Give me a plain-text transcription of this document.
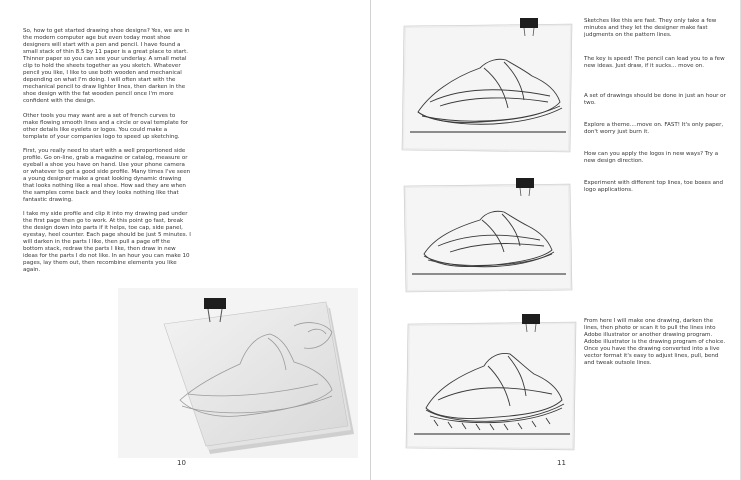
So, how to get started drawing shoe designs? Yes, we are in the modern computer age but even today most shoe designers will start with a pen and pencil. I have found a small stack of thin 8.5 by 11 paper is a great place to start. Thinner paper so you can see your underlay. A small metal clip to hold the sheets together as you sketch. Whatever pencil you like, I like to use both wooden and mechanical depending on what I'm doing. I will often start with the mechanical pencil to draw lighter lines, then darken in the shoe design with the fat wooden pencil once I'm more confident with the design.

Other tools you may want are a set of french curves to make flowing smooth lines and a circle or oval template for other details like eyelets or logos. You could make a template of your companies logo to speed up sketching.

First, you really need to start with a well proportioned side profile. Go on-line, grab a magazine or catalog, measure or eyeball a shoe you have on hand. Use your phone camera or whatever to get a good side profile. Many times I've seen a young designer make a great looking dynamic drawing that looks nothing like a real shoe. How sad they are when the samples come back and they looks nothing like that fantastic drawing.

I take my side profile and clip it into my drawing pad under the first page then go to work. At this point go fast, break the design down into parts if it helps, toe cap, side panel, eyestay, heel counter. Each page should be just 5 minutes. I will darken in the parts I like, then pull a page off the bottom stack, redraw the parts I like, then draw in new ideas for the parts I do not like. In an hour you can make 10 pages, lay them out, then recombine elements you like again.

10

Sketches like this are fast. They only take a few minutes and they let the designer make fast judgments on the pattern lines.

The key is speed! The pencil can lead you to a few new ideas. Just draw, if it sucks... move on.

A set of drawings should be done in just an hour or two.

Explore a theme....move on. FAST! It's only paper, don't worry just burn it.

How can you apply the logos in new ways? Try a new design direction.

Experiment with different top lines, toe boxes and logo applications.

From here I will make one drawing, darken the lines, then photo or scan it to pull the lines into Adobe illustrator or another drawing program. Adobe illustrator is the drawing program of choice. Once you have the drawing converted into a live vector format it's easy to adjust lines, pull, bend and tweak outsole lines.

11
